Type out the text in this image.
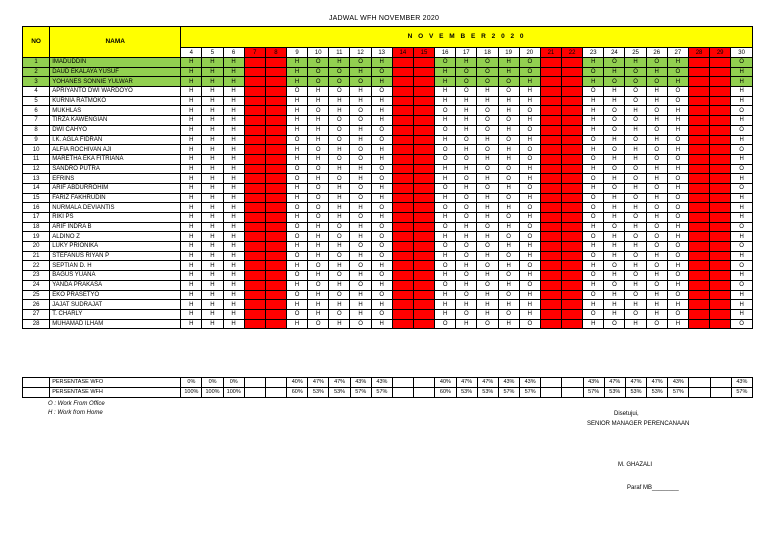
JADWAL WFH NOVEMBER 2020
NO	NAMA	N O V E M B E R 2 0 2 0																										
		4	5	6	7	8	9	10	11	12	13	14	15	16	17	18	19	20	21	22	23	24	25	26	27	28	29	30
1	IMADUDDIN	H	H	H			H	O	H	O	H			O	H	O	H	O			H	O	H	O	H			O
2	DAUD EKALAYA YUSUF	H	H	H			H	O	O	H	O			H	O	O	H	O			O	H	O	H	O			H
3	YOHANES SONNIE YULWAR	H	H	H			H	O	O	O	H			H	O	O	O	H			H	O	O	O	H			H
4	APRIYANTO DWI WARDOYO	H	H	H			O	H	O	H	O			H	O	H	O	H			O	H	O	H	O			H
5	KURNIA RATMOKO	H	H	H			H	H	H	H	H			H	H	H	H	H			H	H	O	H	O			H
6	MUKHLAS	H	H	H			H	O	H	O	H			O	H	O	H	O			H	O	H	O	H			O
7	TIRZA KAWENGIAN	H	H	H			H	H	O	O	H			H	H	O	O	H			H	O	O	H	H			H
8	DWI CAHYO	H	H	H			H	H	O	H	O			O	H	O	H	O			H	O	H	O	H			O
9	I.K. AGLA FIDRAN	H	H	H			O	H	O	H	O			H	O	H	O	H			O	H	O	H	O			H
10	ALFIA ROCHIVAN AJI	H	H	H			H	O	H	O	H			O	H	O	H	O			H	O	H	O	H			O
11	MARETHA EKA FITRIANA	H	H	H			H	H	O	O	H			O	O	H	H	O			O	H	H	O	O			H
12	SANDRO PUTRA	H	H	H			O	O	H	H	O			H	H	O	O	H			H	O	O	H	H			O
13	EFRINS	H	H	H			O	H	O	H	O			H	O	H	O	H			O	H	O	H	O			H
14	ARIF ABDURROHIM	H	H	H			H	O	H	O	H			O	H	O	H	O			H	O	H	O	H			O
15	FARIZ FAKHRUDIN	H	H	H			H	O	H	O	H			H	O	H	O	H			O	H	O	H	O			H
16	NURMALA DEVIANTIS	H	H	H			O	O	H	H	O			O	O	H	H	O			O	H	H	O	O			H
17	RIKI PS	H	H	H			H	O	H	O	H			H	O	H	O	H			O	H	O	H	O			H
18	ARIF INDRA B	H	H	H			O	H	O	H	O			O	H	O	H	O			H	O	H	O	H			O
19	ALDINO Z	H	H	H			O	H	O	H	O			H	H	H	O	O			O	H	O	O	H			H
20	LUKY PRIONIKA	H	H	H			H	H	H	O	O			O	O	O	H	H			H	H	H	O	O			O
21	STEFANUS RIYAN P	H	H	H			O	H	O	H	O			H	O	H	O	H			O	H	O	H	O			H
22	SEPTIAN D. H	H	H	H			H	O	H	O	H			O	H	O	H	O			H	O	H	O	H			O
23	BAGUS YUANA	H	H	H			O	H	O	H	O			H	O	H	O	H			O	H	O	H	O			H
24	YANDA PRAKASA	H	H	H			H	O	H	O	H			O	H	O	H	O			H	O	H	O	H			O
25	EKO PRASETYO	H	H	H			O	H	O	H	O			H	O	H	O	H			O	H	O	H	O			H
26	JAJAT SUDRAJAT	H	H	H			H	H	H	H	H			H	H	H	H	H			H	H	H	H	H			H
27	T. CHARLY	H	H	H			O	H	O	H	O			H	O	H	O	H			O	H	O	H	O			H
28	MUHAMAD ILHAM	H	H	H			H	O	H	O	H			O	H	O	H	O			H	O	H	O	H			O
	PERSENTASE WFO	0%	0%	0%			40%	47%	47%	43%	43%			40%	47%	47%	43%	43%			43%	47%	47%	47%	43%			43%
	PERSENTASE WFH	100%	100%	100%			60%	53%	53%	57%	57%			60%	53%	53%	57%	57%			57%	53%	53%	53%	57%			57%
O : Work From Office
H : Work from Home	Disetujui,
SENIOR MANAGER PERENCANAAN
M. GHAZALI
Paraf MB________
